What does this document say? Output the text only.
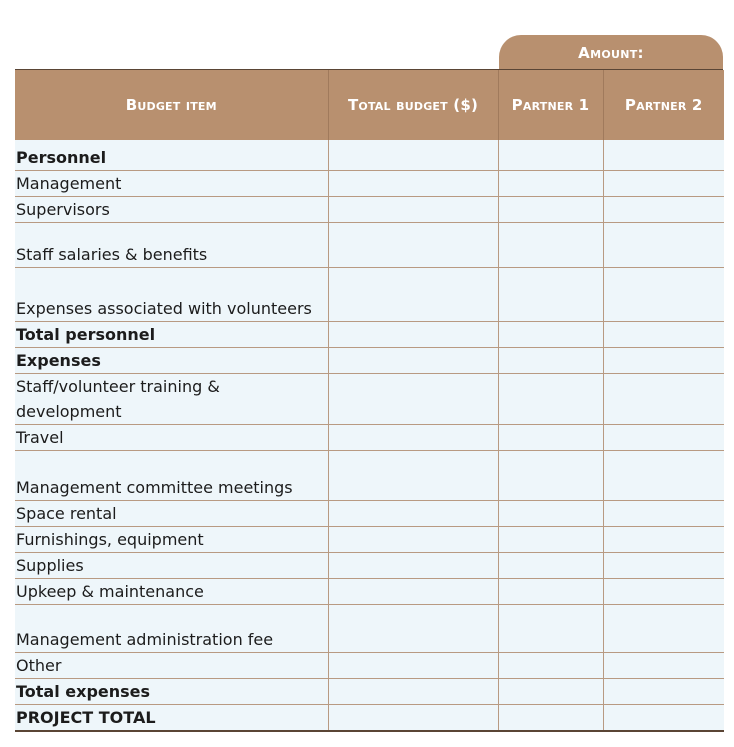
Amount:
Budget item	Total budget ($)	Partner 1	Partner 2
Personnel			
Management			
Supervisors			
Staff salaries & benefits			
Expenses associated with volunteers			
Total personnel			
Expenses			
Staff/volunteer training &
development			
Travel			
Management committee meetings			
Space rental			
Furnishings, equipment			
Supplies			
Upkeep & maintenance			
Management administration fee			
Other			
Total expenses			
PROJECT TOTAL			
